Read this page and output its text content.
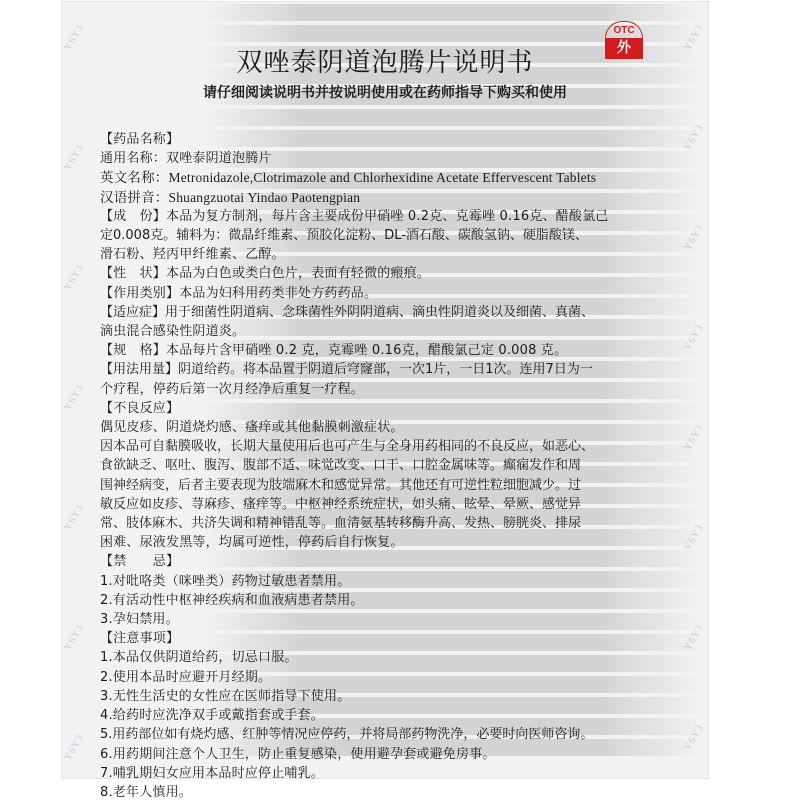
Y6Y3
Y6Y3
Y6Y3
Y6Y3
Y6Y3
Y6Y3
Y6Y3
Y6Y3
Y6Y3
Y6Y3
Y6Y3
Y6Y3
Y6Y3
Y6Y3
Y6Y3
OTC
外
双唑泰阴道泡腾片说明书
请仔细阅读说明书并按说明使用或在药师指导下购买和使用
【药品名称】
通用名称：双唑泰阴道泡腾片
英文名称：Metronidazole,Clotrimazole and Chlorhexidine Acetate Effervescent Tablets
汉语拼音：Shuangzuotai Yindao Paotengpian
【成　份】本品为复方制剂，每片含主要成份甲硝唑 0.2克、克霉唑 0.16克、醋酸氯己
定0.008克。辅料为：微晶纤维素、预胶化淀粉、DL-酒石酸、碳酸氢钠、硬脂酸镁、
滑石粉、羟丙甲纤维素、乙醇。
【性　状】本品为白色或类白色片，表面有轻微的瘢痕。
【作用类别】本品为妇科用药类非处方药药品。
【适应症】用于细菌性阴道病、念珠菌性外阴阴道病、滴虫性阴道炎以及细菌、真菌、
滴虫混合感染性阴道炎。
【规　格】本品每片含甲硝唑 0.2 克，克霉唑 0.16克，醋酸氯己定 0.008 克。
【用法用量】阴道给药。将本品置于阴道后穹窿部，一次1片，一日1次。连用7日为一
个疗程，停药后第一次月经净后重复一疗程。
【不良反应】
偶见皮疹、阴道烧灼感、瘙痒或其他黏膜刺激症状。
因本品可自黏膜吸收，长期大量使用后也可产生与全身用药相同的不良反应，如恶心、
食欲缺乏、呕吐、腹泻、腹部不适、味觉改变、口干、口腔金属味等。癫痫发作和周
围神经病变，后者主要表现为肢端麻木和感觉异常。其他还有可逆性粒细胞减少。过
敏反应如皮疹、荨麻疹、瘙痒等。中枢神经系统症状，如头痛、眩晕、晕厥、感觉异
常、肢体麻木、共济失调和精神错乱等。血清氨基转移酶升高、发热、膀胱炎、排尿
困难、尿液发黑等，均属可逆性，停药后自行恢复。
【禁　　忌】
1.对吡咯类（咪唑类）药物过敏患者禁用。
2.有活动性中枢神经疾病和血液病患者禁用。
3.孕妇禁用。
【注意事项】
1.本品仅供阴道给药，切忌口服。
2.使用本品时应避开月经期。
3.无性生活史的女性应在医师指导下使用。
4.给药时应洗净双手或戴指套或手套。
5.用药部位如有烧灼感、红肿等情况应停药，并将局部药物洗净，必要时向医师咨询。
6.用药期间注意个人卫生，防止重复感染，使用避孕套或避免房事。
7.哺乳期妇女应用本品时应停止哺乳。
8.老年人慎用。
